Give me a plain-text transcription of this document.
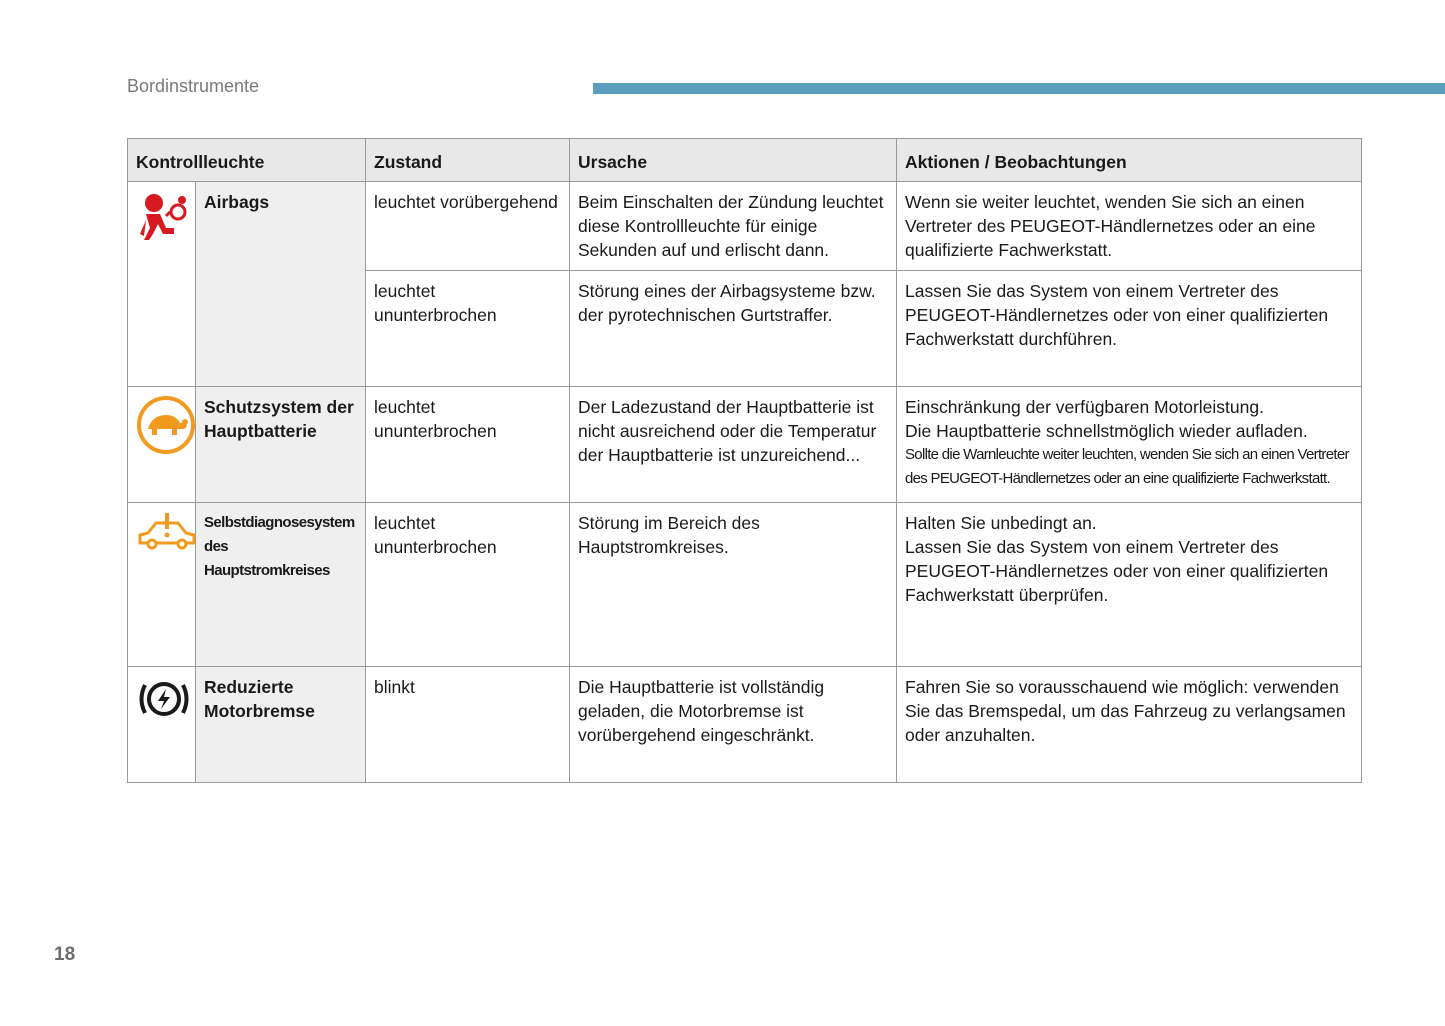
Bordinstrumente
Kontrollleuchte		Zustand	Ursache	Aktionen / Beobachtungen
	Airbags	leuchtet vorübergehend	Beim Einschalten der Zündung leuchtet diese Kontrollleuchte für einige Sekunden auf und erlischt dann.	Wenn sie weiter leuchtet, wenden Sie sich an einen Vertreter des PEUGEOT-Händlernetzes oder an eine qualifizierte Fachwerkstatt.
		leuchtet ununterbrochen	Störung eines der Airbagsysteme bzw. der pyrotechnischen Gurtstraffer.	Lassen Sie das System von einem Vertreter des PEUGEOT-Händlernetzes oder von einer qualifizierten Fachwerkstatt durchführen.
	Schutzsystem der Hauptbatterie	leuchtet ununterbrochen	Der Ladezustand der Hauptbatterie ist nicht ausreichend oder die Temperatur der Hauptbatterie ist unzureichend...	Einschränkung der verfügbaren Motorleistung.
Die Hauptbatterie schnellstmöglich wieder aufladen.
Sollte die Warnleuchte weiter leuchten, wenden Sie sich an einen Vertreter des PEUGEOT-Händlernetzes oder an eine qualifizierte Fachwerkstatt.

	Selbstdiagnosesystem des Hauptstromkreises	leuchtet ununterbrochen	Störung im Bereich des Hauptstromkreises.	Halten Sie unbedingt an.
Lassen Sie das System von einem Vertreter des PEUGEOT-Händlernetzes oder von einer qualifizierten Fachwerkstatt überprüfen.

	Reduzierte Motorbremse	blinkt	Die Hauptbatterie ist vollständig geladen, die Motorbremse ist vorübergehend eingeschränkt.	Fahren Sie so vorausschauend wie möglich: verwenden Sie das Bremspedal, um das Fahrzeug zu verlangsamen oder anzuhalten.
18
